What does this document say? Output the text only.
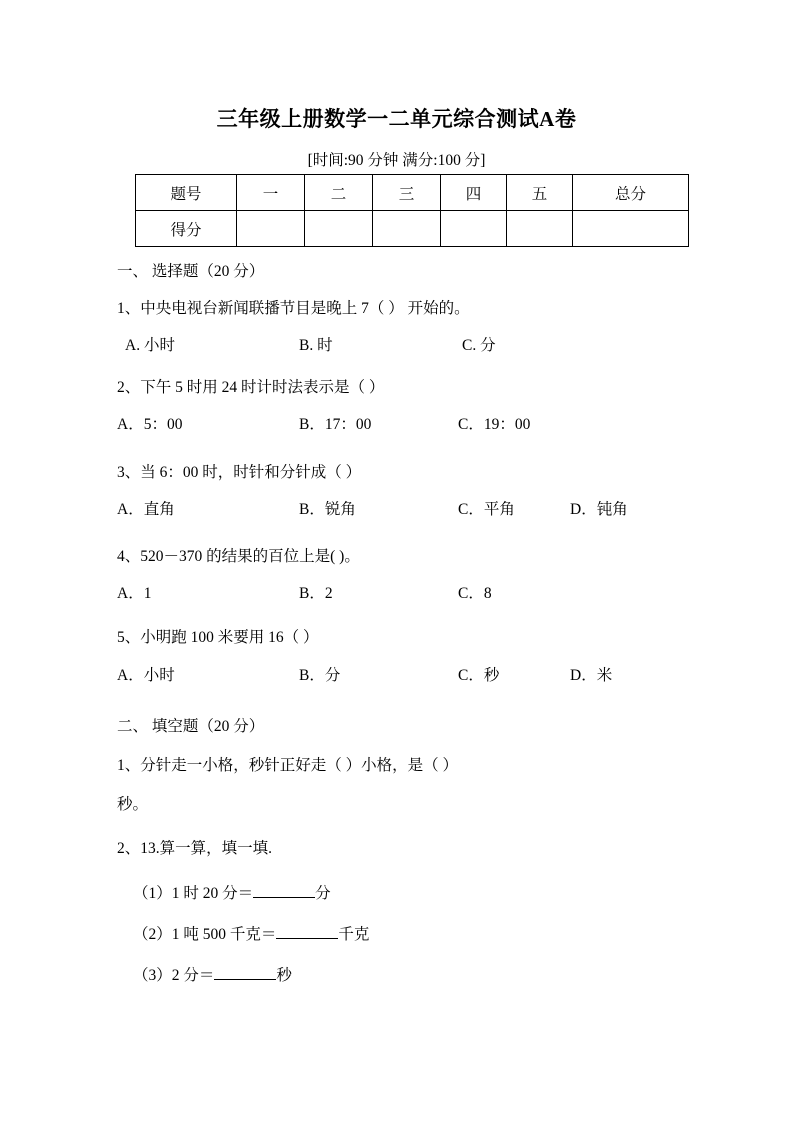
三年级上册数学一二单元综合测试A卷
[时间:90 分钟 满分:100 分]
题号	一	二	三	四	五	总分
得分						
一、 选择题（20 分）
1、中央电视台新闻联播节目是晚上 7（ ） 开始的。
A. 小时	B. 时	C. 分
2、下午 5 时用 24 时计时法表示是（ ）
A．5：00	B．17：00	C．19：00
3、当 6：00 时，时针和分针成（ ）
A．直角	B．锐角	C．平角	D．钝角
4、520－370 的结果的百位上是( )。
A．1	B．2	C．8
5、小明跑 100 米要用 16（ ）
A．小时	B．分	C．秒	D．米
二、 填空题（20 分）
1、分针走一小格，秒针正好走（ ）小格，是（ ）
秒。
2、13.算一算，填一填.
（1）1 时 20 分＝	分
（2）1 吨 500 千克＝	千克
（3）2 分＝	秒
